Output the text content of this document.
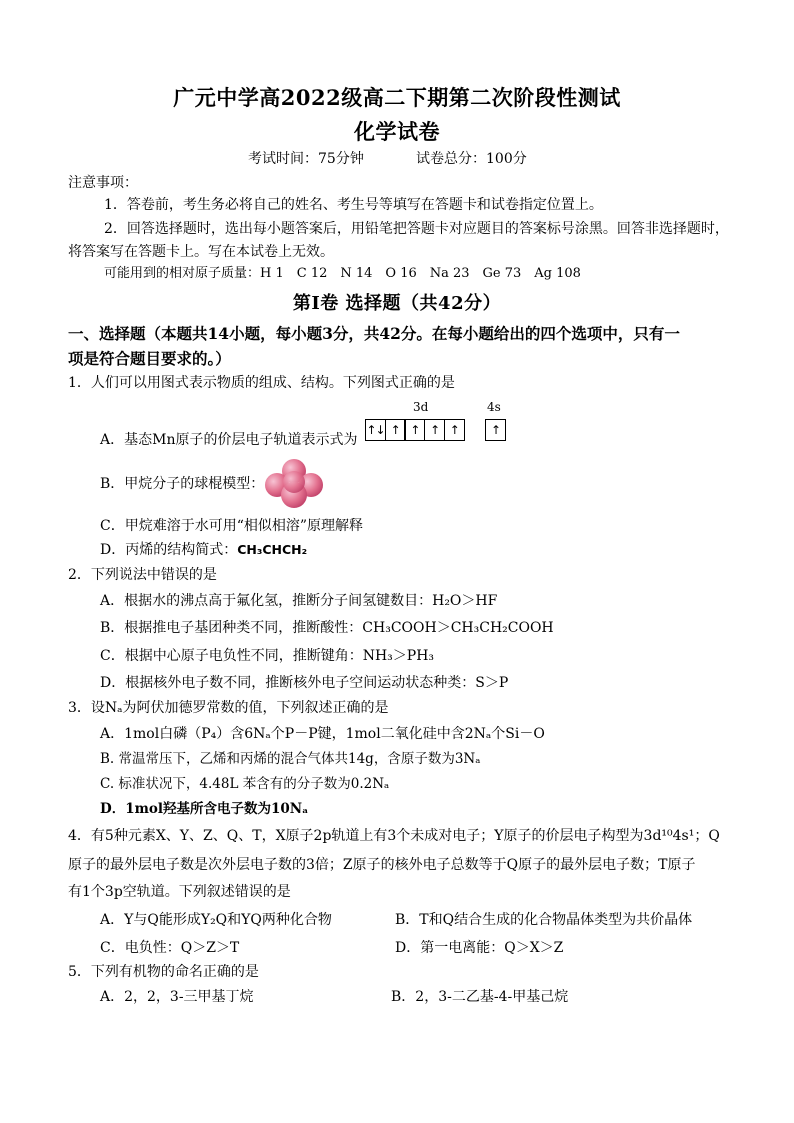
广元中学高2022级高二下期第二次阶段性测试
化学试卷
考试时间：75分钟	试卷总分：100分
注意事项：
1．答卷前，考生务必将自己的姓名、考生号等填写在答题卡和试卷指定位置上。
2．回答选择题时，选出每小题答案后，用铅笔把答题卡对应题目的答案标号涂黑。回答非选择题时，
将答案写在答题卡上。写在本试卷上无效。
可能用到的相对原子质量：H 1　C 12　N 14　O 16　Na 23　Ge 73　Ag 108
第Ⅰ卷 选择题（共42分）
一、选择题（本题共14小题，每小题3分，共42分。在每小题给出的四个选项中，只有一
项是符合题目要求的。）
1．人们可以用图式表示物质的组成、结构。下列图式正确的是
A．基态Mn原子的价层电子轨道表示式为
3d	4s
↑↓ ↑ ↑ ↑ ↑	↑
B．甲烷分子的球棍模型：
C．甲烷难溶于水可用“相似相溶”原理解释
D．丙烯的结构简式：CH₃CHCH₂
2．下列说法中错误的是
A．根据水的沸点高于氟化氢，推断分子间氢键数目：H₂O＞HF
B．根据推电子基团种类不同，推断酸性：CH₃COOH＞CH₃CH₂COOH
C．根据中心原子电负性不同，推断键角：NH₃＞PH₃
D．根据核外电子数不同，推断核外电子空间运动状态种类：S＞P
3．设Nₐ为阿伏加德罗常数的值，下列叙述正确的是
A．1mol白磷（P₄）含6Nₐ个P－P键，1mol二氧化硅中含2Nₐ个Si－O
B. 常温常压下，乙烯和丙烯的混合气体共14g，含原子数为3Nₐ
C. 标准状况下，4.48L 苯含有的分子数为0.2Nₐ
D．1mol羟基所含电子数为10Nₐ
4．有5种元素X、Y、Z、Q、T，X原子2p轨道上有3个未成对电子；Y原子的价层电子构型为3d¹⁰4s¹；Q
原子的最外层电子数是次外层电子数的3倍；Z原子的核外电子总数等于Q原子的最外层电子数；T原子
有1个3p空轨道。下列叙述错误的是
A．Y与Q能形成Y₂Q和YQ两种化合物	B．T和Q结合生成的化合物晶体类型为共价晶体
C．电负性：Q＞Z＞T	D．第一电离能：Q＞X＞Z
5．下列有机物的命名正确的是
A．2，2，3-三甲基丁烷	B．2，3-二乙基-4-甲基己烷
